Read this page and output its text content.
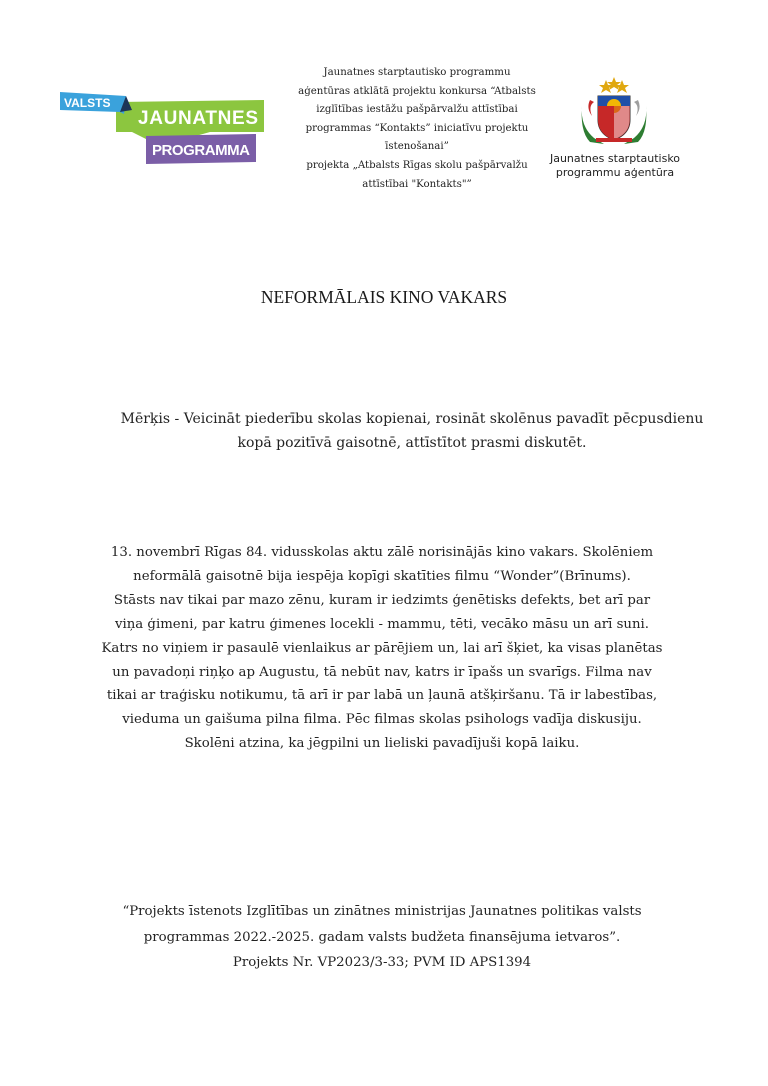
VALSTS
JAUNATNES
PROGRAMMA
Jaunatnes starptautisko programmu
aģentūras atklātā projektu konkursa “Atbalsts
izglītības iestāžu pašpārvalžu attīstībai
programmas “Kontakts” iniciatīvu projektu
īstenošanai”
projekta „Atbalsts Rīgas skolu pašpārvalžu
attīstībai "Kontakts"”
Jaunatnes starptautisko
programmu aģentūra
NEFORMĀLAIS KINO VAKARS
Mērķis - Veicināt piederību skolas kopienai, rosināt skolēnus pavadīt pēcpusdienu
kopā pozitīvā gaisotnē, attīstītot prasmi diskutēt.
13. novembrī Rīgas 84. vidusskolas aktu zālē norisinājās kino vakars. Skolēniem
neformālā gaisotnē bija iespēja kopīgi skatīties filmu “Wonder”(Brīnums).
Stāsts nav tikai par mazo zēnu, kuram ir iedzimts ģenētisks defekts, bet arī par
viņa ģimeni, par katru ģimenes locekli - mammu, tēti, vecāko māsu un arī suni.
Katrs no viņiem ir pasaulē vienlaikus ar pārējiem un, lai arī šķiet, ka visas planētas
un pavadoņi riņķo ap Augustu, tā nebūt nav, katrs ir īpašs un svarīgs. Filma nav
tikai ar traģisku notikumu, tā arī ir par labā un ļaunā atšķiršanu. Tā ir labestības,
vieduma un gaišuma pilna filma. Pēc filmas skolas psihologs vadīja diskusiju.
Skolēni atzina, ka jēgpilni un lieliski pavadījuši kopā laiku.
“Projekts īstenots Izglītības un zinātnes ministrijas Jaunatnes politikas valsts
programmas 2022.-2025. gadam valsts budžeta finansējuma ietvaros”.
Projekts Nr. VP2023/3-33; PVM ID APS1394
